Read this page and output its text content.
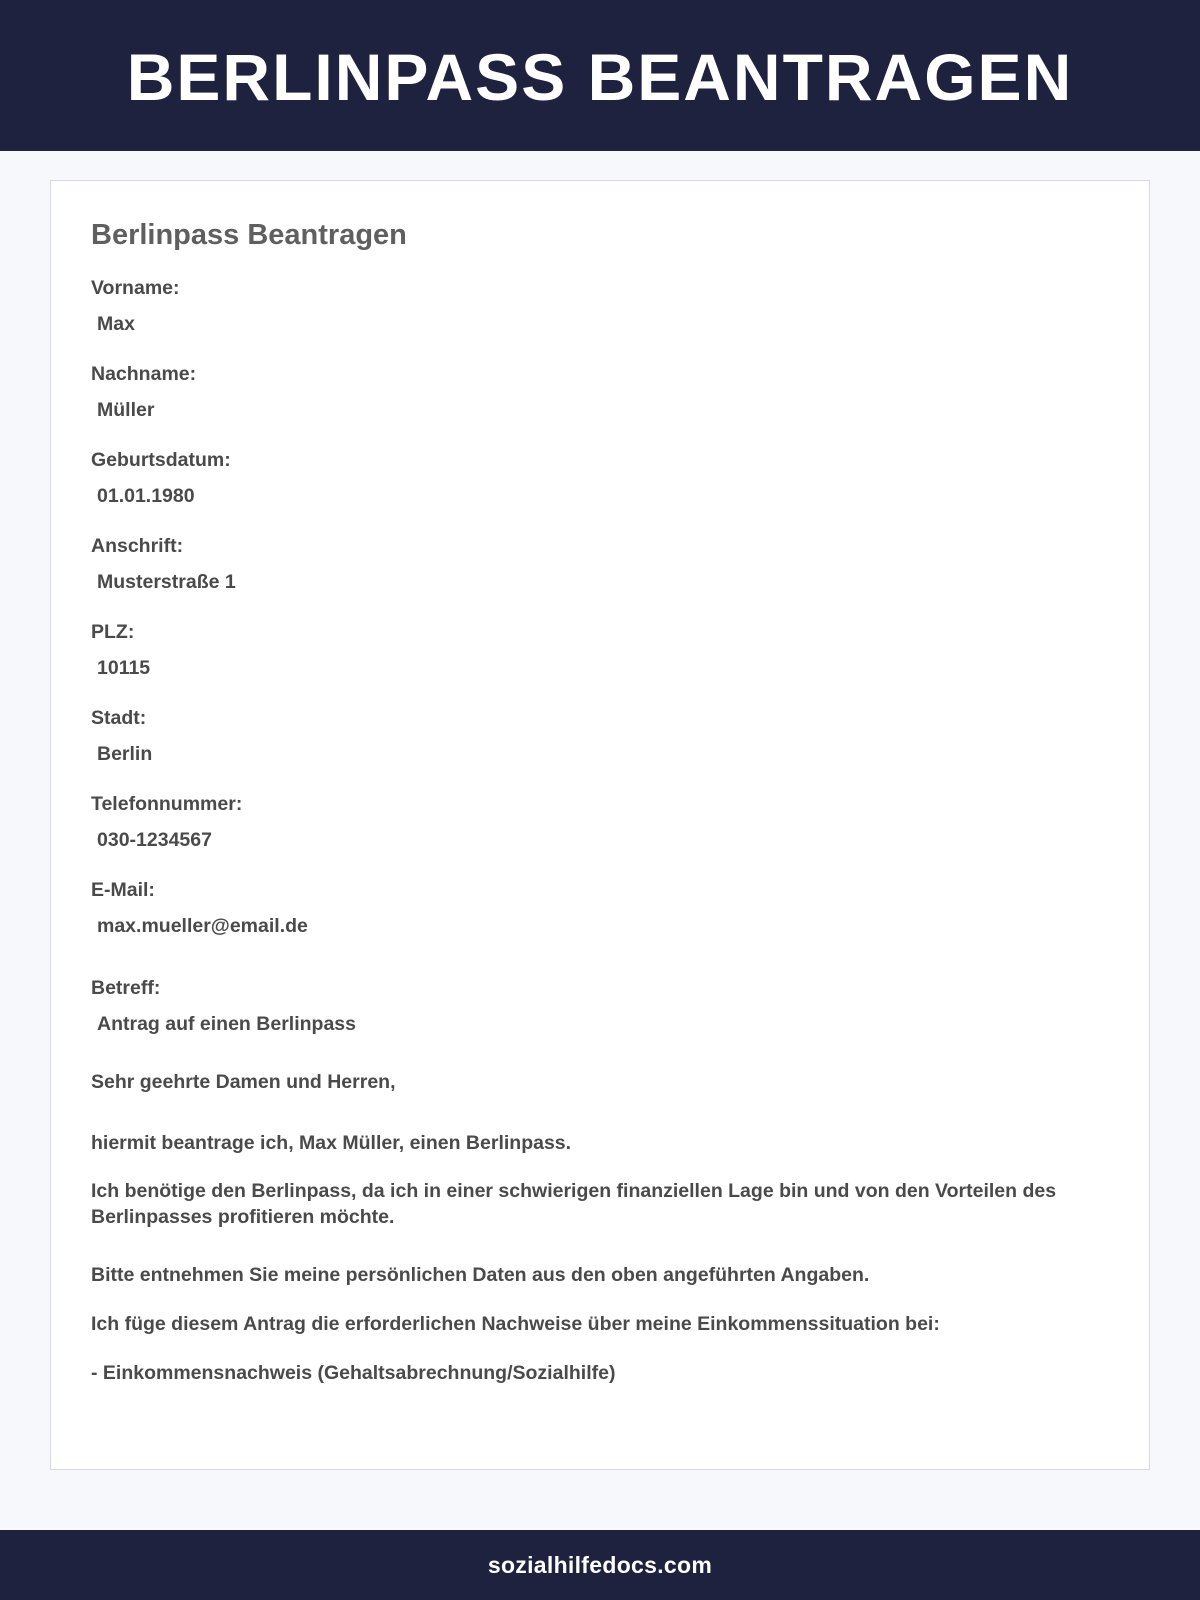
BERLINPASS BEANTRAGEN
Berlinpass Beantragen
Vorname:
Max
Nachname:
Müller
Geburtsdatum:
01.01.1980
Anschrift:
Musterstraße 1
PLZ:
10115
Stadt:
Berlin
Telefonnummer:
030-1234567
E-Mail:
max.mueller@email.de
Betreff:
Antrag auf einen Berlinpass

Sehr geehrte Damen und Herren,

hiermit beantrage ich, Max Müller, einen Berlinpass.

Ich benötige den Berlinpass, da ich in einer schwierigen finanziellen Lage bin und von den Vorteilen des Berlinpasses profitieren möchte.

Bitte entnehmen Sie meine persönlichen Daten aus den oben angeführten Angaben.

Ich füge diesem Antrag die erforderlichen Nachweise über meine Einkommenssituation bei:

- Einkommensnachweis (Gehaltsabrechnung/Sozialhilfe)

sozialhilfedocs.com
